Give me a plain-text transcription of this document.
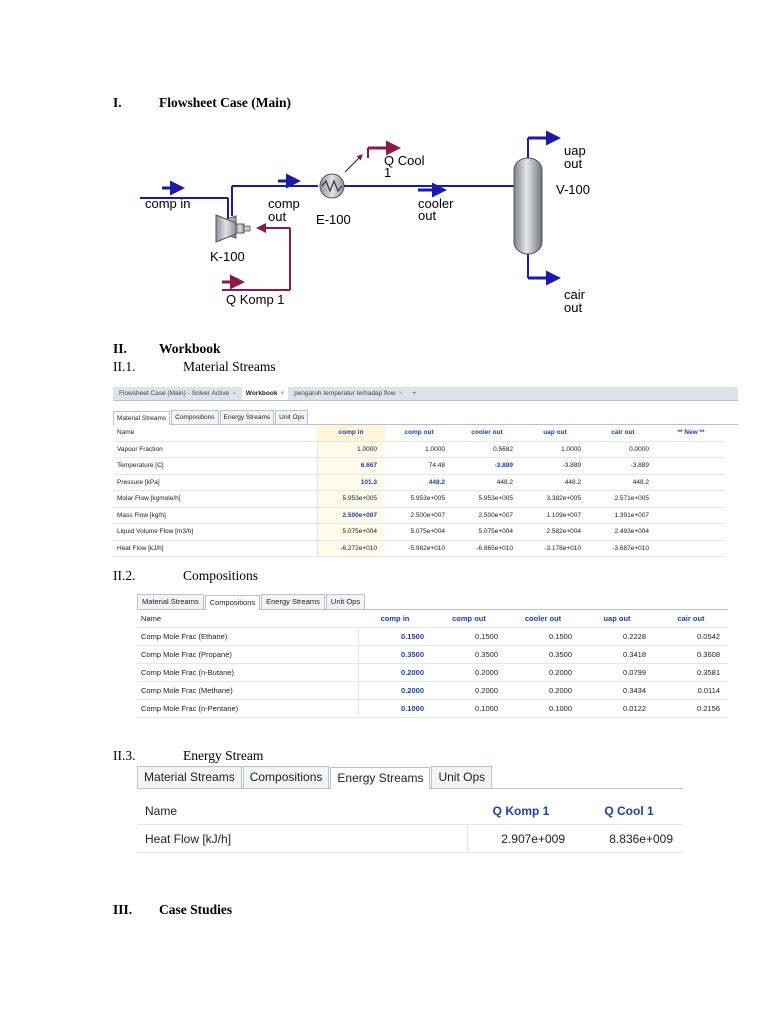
I.	Flowsheet Case (Main)
comp in
K-100
comp
out
Q Komp 1
E-100
Q Cool
1
cooler
out
V-100
uap
out
cair
out
II. Workbook
II.1.	Material Streams
Flowsheet Case (Main) - Solver Active × Workbook × pengaruh temperatur terhadap flow × +
Material Streams Compositions Energy Streams Unit Ops
Name	comp in	comp out	cooler out	uap out	cair out	** New **
Vapour Fraction	1.0000	1.0000	0.5682	1.0000	0.0000	
Temperature [C]	6.667	74.48	-3.889	-3.889	-3.889	
Pressure [kPa]	101.3	448.2	448.2	448.2	448.2	
Molar Flow [kgmole/h]	5.953e+005	5.953e+005	5.953e+005	3.382e+005	2.571e+005	
Mass Flow [kg/h]	2.500e+007	2.500e+007	2.500e+007	1.109e+007	1.391e+007	
Liquid Volume Flow [m3/h]	5.075e+004	5.075e+004	5.075e+004	2.582e+004	2.493e+004	
Heat Flow [kJ/h]	-6.272e+010	-5.982e+010	-6.865e+010	-3.178e+010	-3.687e+010	
II.2.	Compositions
Material Streams Compositions Energy Streams Unit Ops
Name	comp in	comp out	cooler out	uap out	cair out
Comp Mole Frac (Ethane)	0.1500	0.1500	0.1500	0.2228	0.0542
Comp Mole Frac (Propane)	0.3500	0.3500	0.3500	0.3418	0.3608
Comp Mole Frac (n-Butane)	0.2000	0.2000	0.2000	0.0799	0.3581
Comp Mole Frac (Methane)	0.2000	0.2000	0.2000	0.3434	0.0114
Comp Mole Frac (n-Pentane)	0.1000	0.1000	0.1000	0.0122	0.2156
II.3.	Energy Stream
Material Streams Compositions Energy Streams Unit Ops
Name	Q Komp 1	Q Cool 1
Heat Flow [kJ/h]	2.907e+009	8.836e+009
III. Case Studies
